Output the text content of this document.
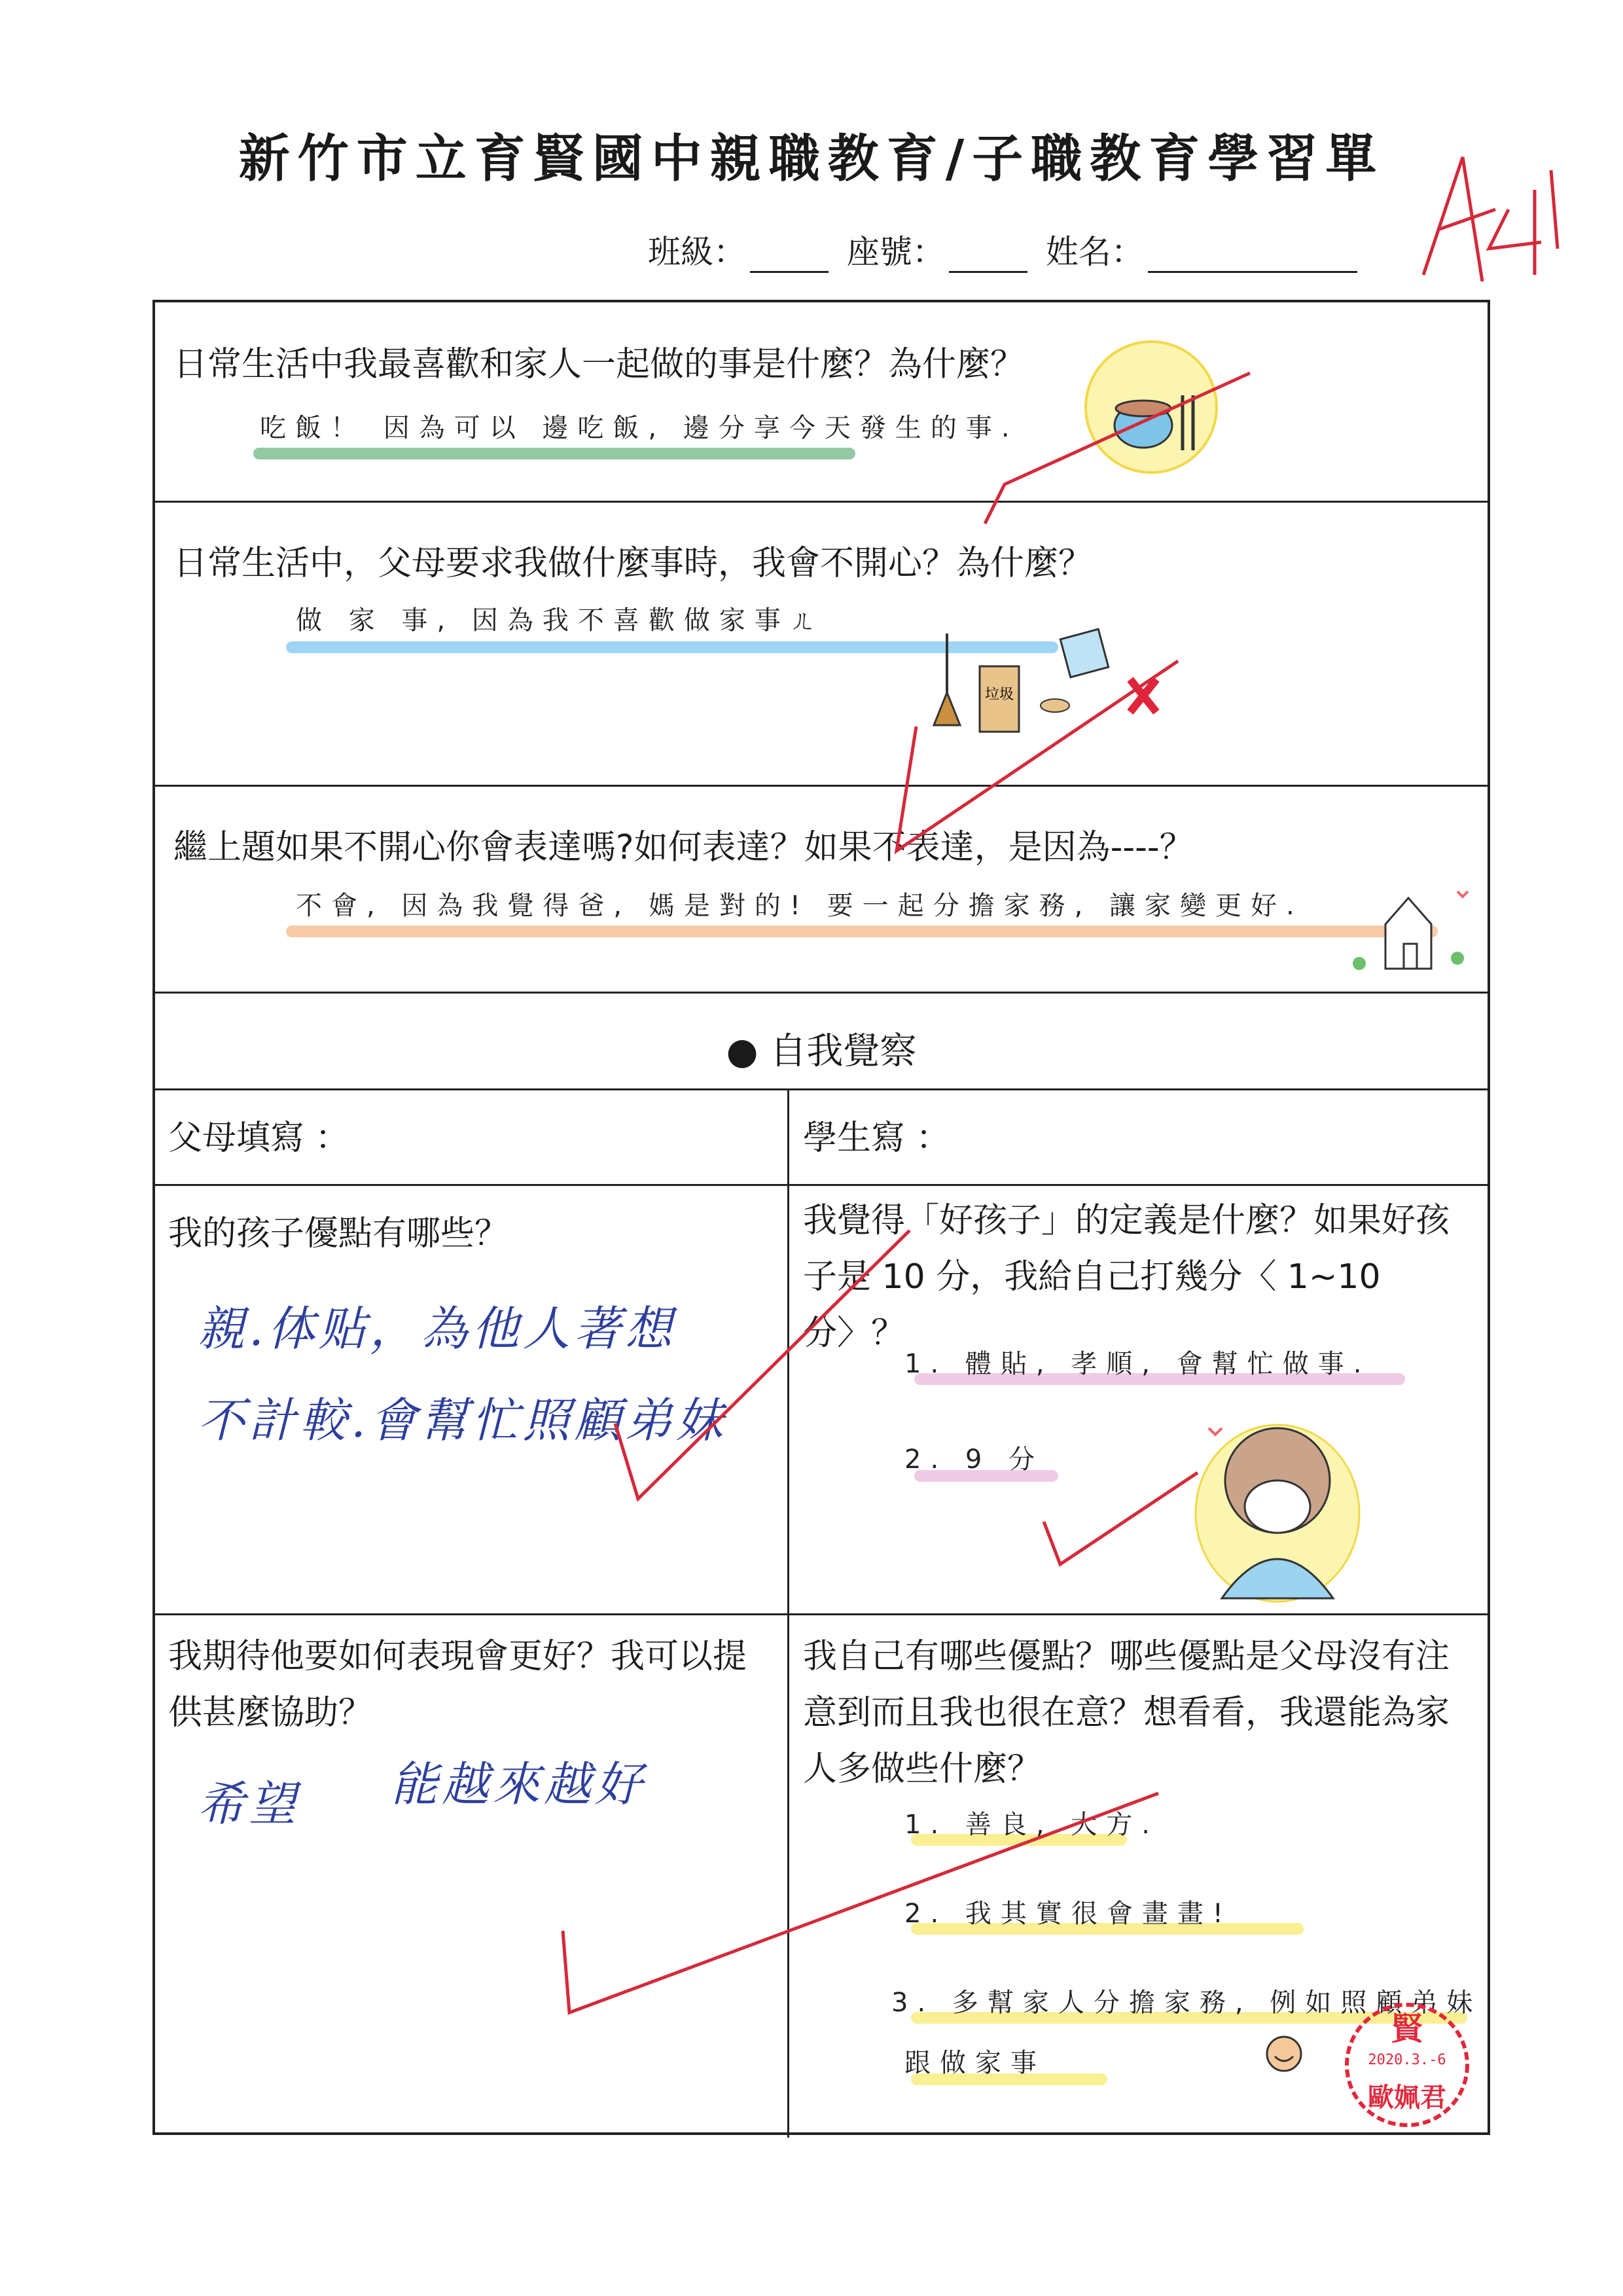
新竹市立育賢國中親職教育/子職教育學習單
班級：	座號：	姓名：
日常生活中我最喜歡和家人一起做的事是什麼？為什麼？
吃飯！ 因為可以 邊吃飯, 邊分享今天發生的事.
日常生活中，父母要求我做什麼事時，我會不開心？為什麼？
做 家 事, 因為我不喜歡做家事ㄦ
垃圾
繼上題如果不開心你會表達嗎?如何表達？如果不表達，是因為----？
不會, 因為我覺得爸, 媽是對的! 要一起分擔家務, 讓家變更好.
● 自我覺察
父母填寫 ：	學生寫 ：
我的孩子優點有哪些？
親.体贴，為他人著想
不計較.會幫忙照顧弟妹
我覺得「好孩子」的定義是什麼？如果好孩子是 10 分，我給自己打幾分〈 1~10 分〉？
1. 體貼, 孝順, 會幫忙做事.
2. 9 分
我期待他要如何表現會更好？我可以提供甚麼協助？
希望 能越來越好
我自己有哪些優點？哪些優點是父母沒有注意到而且我也很在意？想看看，我還能為家人多做些什麼？
1. 善良, 大方.
2. 我其實很會畫畫!
3. 多幫家人分擔家務, 例如照顧弟妹
跟做家事
賢
2020.3.-6
歐姵君
